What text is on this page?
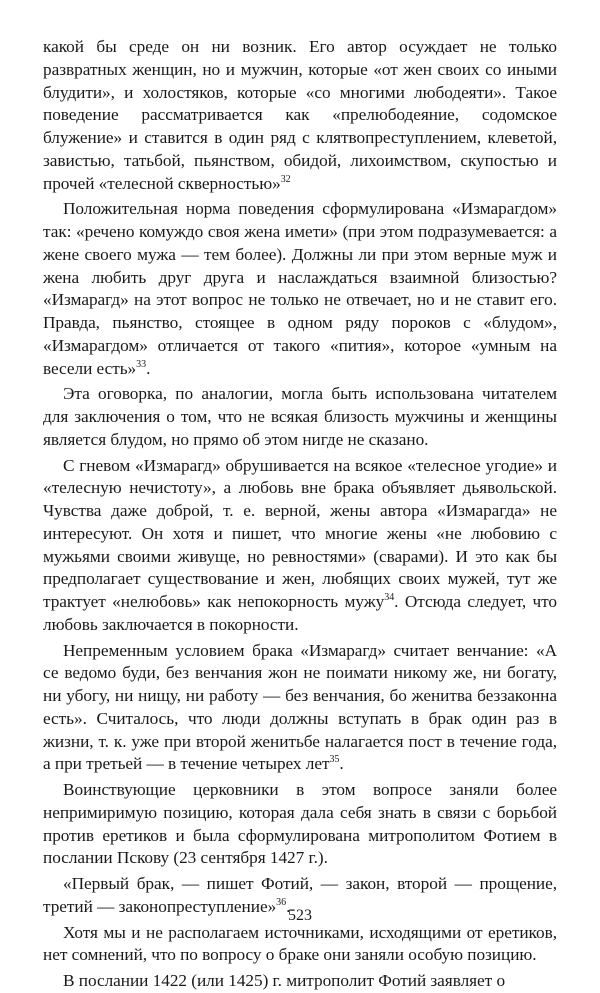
какой бы среде он ни возник. Его автор осуждает не только развратных женщин, но и мужчин, которые «от жен своих со иными блудити», и холостяков, которые «со многими любодеяти». Такое поведение рассматривается как «прелюбодеяние, содомское блужение» и ставится в один ряд с клятвопреступлением, клеветой, завистью, татьбой, пьянством, обидой, лихоимством, скупостью и прочей «телесной скверностью»$^{32}$

Положительная норма поведения сформулирована «Измарагдом» так: «речено комуждо своя жена имети» (при этом подразумевается: а жене своего мужа — тем более). Должны ли при этом верные муж и жена любить друг друга и наслаждаться взаимной близостью? «Измарагд» на этот вопрос не только не отвечает, но и не ставит его. Правда, пьянство, стоящее в одном ряду пороков с «блудом», «Измарагдом» отличается от такого «пития», которое «умным на весели есть»$^{33}$.

Эта оговорка, по аналогии, могла быть использована читателем для заключения о том, что не всякая близость мужчины и женщины является блудом, но прямо об этом нигде не сказано.

С гневом «Измарагд» обрушивается на всякое «телесное угодие» и «телесную нечистоту», а любовь вне брака объявляет дьявольской. Чувства даже доброй, т. е. верной, жены автора «Измарагда» не интересуют. Он хотя и пишет, что многие жены «не любовию с мужьями своими живуще, но ревностями» (сварами). И это как бы предполагает существование и жен, любящих своих мужей, тут же трактует «нелюбовь» как непокорность мужу$^{34}$. Отсюда следует, что любовь заключается в покорности.

Непременным условием брака «Измарагд» считает венчание: «А се ведомо буди, без венчания жон не поимати никому же, ни богату, ни убогу, ни нищу, ни работу — без венчания, бо женитва беззаконна есть». Считалось, что люди должны вступать в брак один раз в жизни, т. к. уже при второй женитьбе налагается пост в течение года, а при третьей — в течение четырех лет$^{35}$.

Воинствующие церковники в этом вопросе заняли более непримиримую позицию, которая дала себя знать в связи с борьбой против еретиков и была сформулирована митрополитом Фотием в послании Пскову (23 сентября 1427 г.).

«Первый брак, — пишет Фотий, — закон, второй — прощение, третий — законопреступление»$^{36}$.

Хотя мы и не располагаем источниками, исходящими от еретиков, нет сомнений, что по вопросу о браке они заняли особую позицию.

В послании 1422 (или 1425) г. митрополит Фотий заявляет о

523
